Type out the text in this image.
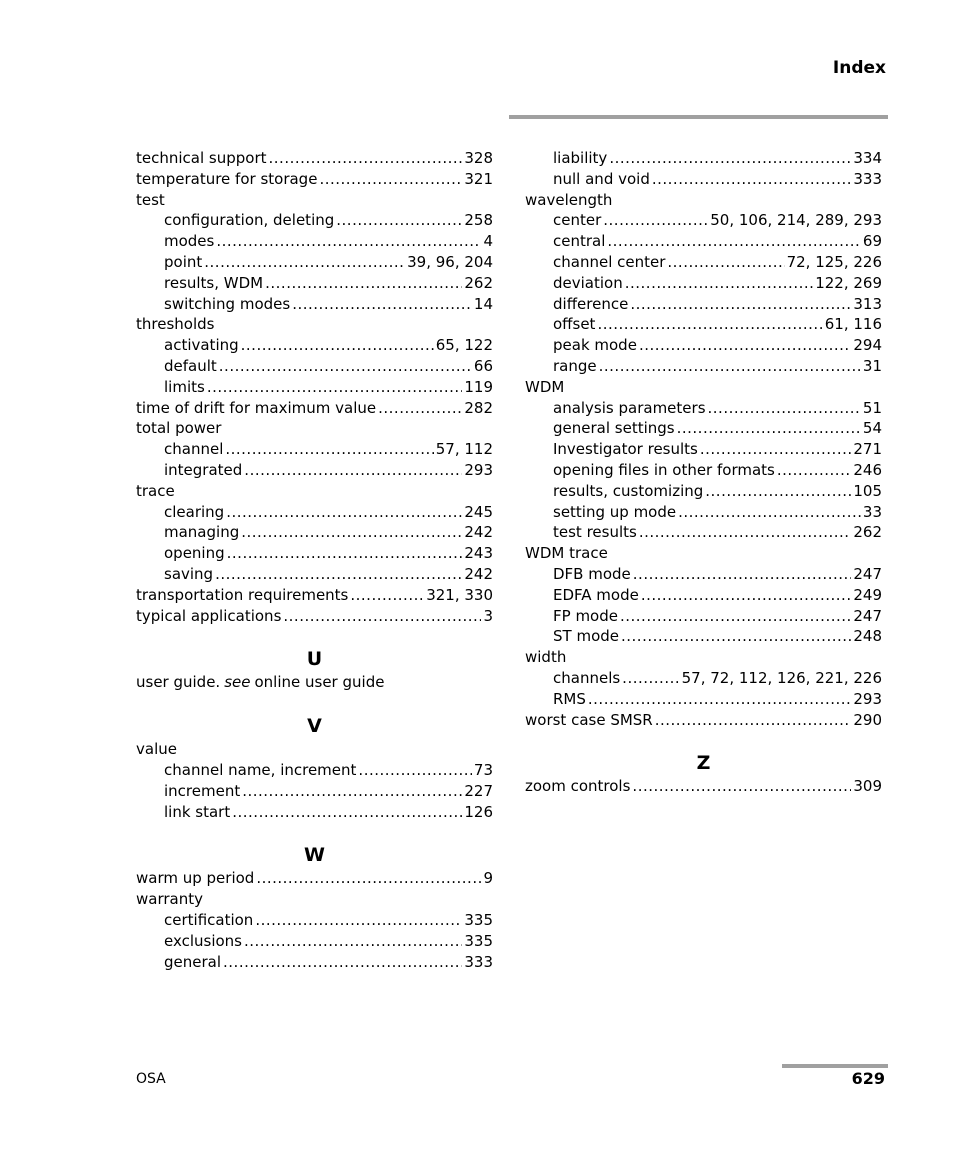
Index
technical support .....	328
temperature for storage .....	321
test
configuration, deleting .....	258
modes .....	4
point .....	39, 96, 204
results, WDM .....	262
switching modes .....	14
thresholds
activating .....	65, 122
default .....	66
limits .....	119
time of drift for maximum value .....	282
total power
channel .....	57, 112
integrated .....	293
trace
clearing .....	245
managing .....	242
opening .....	243
saving .....	242
transportation requirements .....	321, 330
typical applications .....	3
U
user guide. see online user guide
V
value
channel name, increment .....	73
increment .....	227
link start .....	126
W
warm up period .....	9
warranty
certification .....	335
exclusions .....	335
general .....	333
liability .....	334
null and void .....	333
wavelength
center .....	50, 106, 214, 289, 293
central .....	69
channel center .....	72, 125, 226
deviation .....	122, 269
difference .....	313
offset .....	61, 116
peak mode .....	294
range .....	31
WDM
analysis parameters .....	51
general settings .....	54
Investigator results .....	271
opening files in other formats .....	246
results, customizing .....	105
setting up mode .....	33
test results .....	262
WDM trace
DFB mode .....	247
EDFA mode .....	249
FP mode .....	247
ST mode .....	248
width
channels .....	57, 72, 112, 126, 221, 226
RMS .....	293
worst case SMSR .....	290
Z
zoom controls .....	309
OSA	629
